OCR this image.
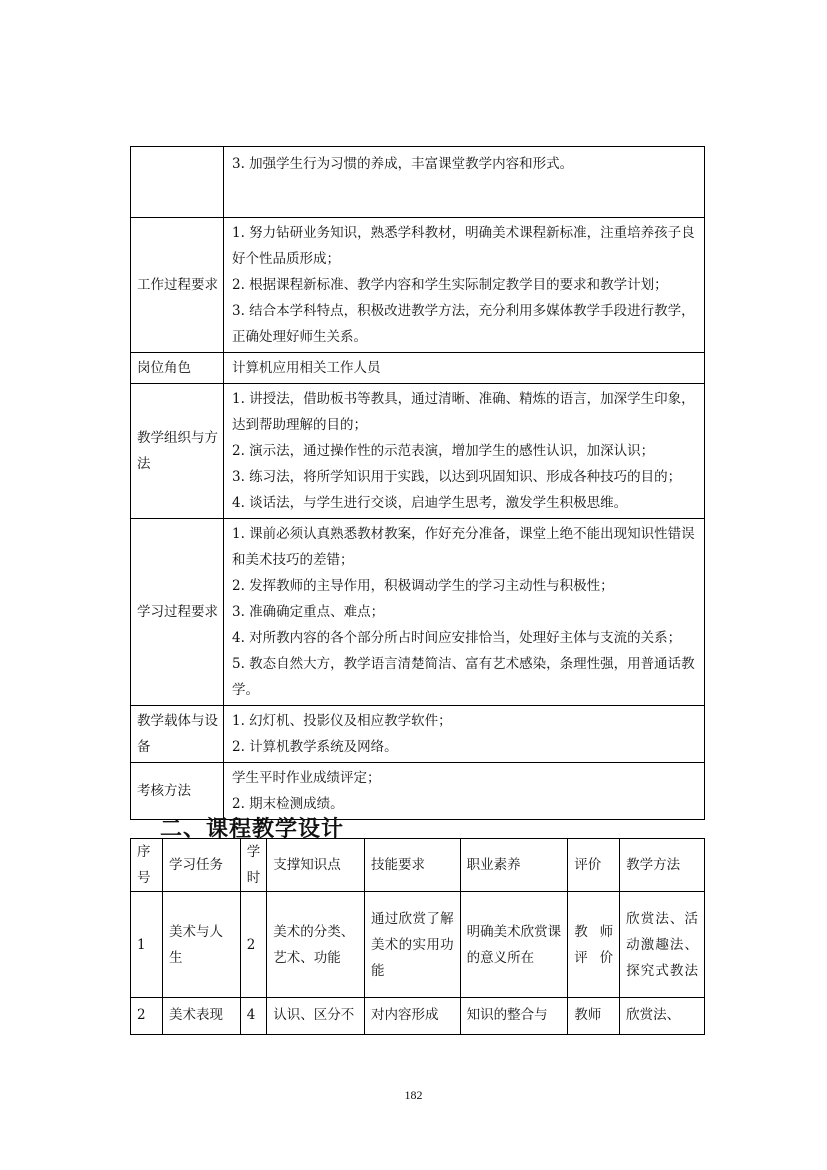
	3. 加强学生行为习惯的养成，丰富课堂教学内容和形式。

工作过程要求	1. 努力钻研业务知识，熟悉学科教材，明确美术课程新标准，注重培养孩子良好个性品质形成；
2. 根据课程新标准、教学内容和学生实际制定教学目的要求和教学计划；
3. 结合本学科特点，积极改进教学方法，充分利用多媒体教学手段进行教学，正确处理好师生关系。

岗位角色	计算机应用相关工作人员

教学组织与方法	1. 讲授法，借助板书等教具，通过清晰、准确、精炼的语言，加深学生印象，达到帮助理解的目的；
2. 演示法，通过操作性的示范表演，增加学生的感性认识，加深认识；
3. 练习法，将所学知识用于实践，以达到巩固知识、形成各种技巧的目的；
4. 谈话法，与学生进行交谈，启迪学生思考，激发学生积极思维。

学习过程要求	1. 课前必须认真熟悉教材教案，作好充分准备，课堂上绝不能出现知识性错误和美术技巧的差错；
2. 发挥教师的主导作用，积极调动学生的学习主动性与积极性；
3. 准确确定重点、难点；
4. 对所教内容的各个部分所占时间应安排恰当，处理好主体与支流的关系；
5. 教态自然大方，教学语言清楚简洁、富有艺术感染，条理性强，用普通话教学。

教学载体与设备	1. 幻灯机、投影仪及相应教学软件；
2. 计算机教学系统及网络。

考核方法	学生平时作业成绩评定；
2. 期末检测成绩。
二、课程教学设计
序号	学习任务	学时	支撑知识点	技能要求	职业素养	评价	教学方法
1	美术与人生	2	美术的分类、艺术、功能	通过欣赏了解美术的实用功能	明确美术欣赏课的意义所在	教师评价	欣赏法、活动激趣法、探究式教法

2	美术表现	4	认识、区分不	对内容形成	知识的整合与	教师	欣赏法、
182
